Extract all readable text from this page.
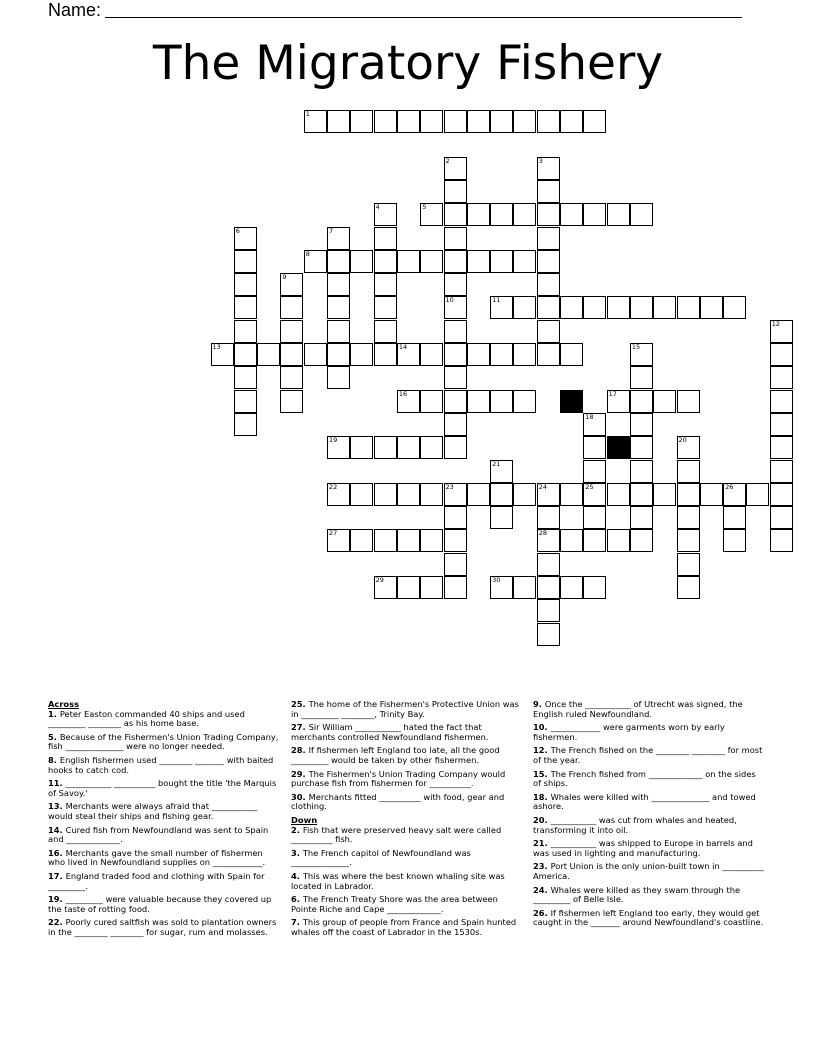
Name:
The Migratory Fishery
1
2
10
3
4	5
6	7
8
9
11
12
13	14	15
16	17
18
25
19	20
21
22	23	24
28
26
27
29	30
Across
1. Peter Easton commanded 40 ships and used _________ ________ as his home base.
5. Because of the Fishermen's Union Trading Company, fish ______________ were no longer needed.
8. English fishermen used ________ _______ with baited hooks to catch cod.
11. ___________ __________ bought the title 'the Marquis of Savoy.'
13. Merchants were always afraid that ___________ would steal their ships and fishing gear.
14. Cured fish from Newfoundland was sent to Spain and _____________.
16. Merchants gave the small number of fishermen who lived in Newfoundland supplies on ____________.
17. England traded food and clothing with Spain for _________.
19. _________ were valuable because they covered up the taste of rotting food.
22. Poorly cured saltfish was sold to plantation owners in the ________ ________ for sugar, rum and molasses.
25. The home of the Fishermen's Protective Union was in _________ ________, Trinity Bay.
27. Sir William ___________ hated the fact that merchants controlled Newfoundland fishermen.
28. If fishermen left England too late, all the good _________ would be taken by other fishermen.
29. The Fishermen's Union Trading Company would purchase fish from fishermen for __________.
30. Merchants fitted __________ with food, gear and clothing.
Down
2. Fish that were preserved heavy salt were called __________ fish.
3. The French capitol of Newfoundland was ______________.
4. This was where the best known whaling site was located in Labrador.
6. The French Treaty Shore was the area between Pointe Riche and Cape _____________.
7. This group of people from France and Spain hunted whales off the coast of Labrador in the 1530s.
9. Once the ___________ of Utrecht was signed, the English ruled Newfoundland.
10. ____________ were garments worn by early fishermen.
12. The French fished on the ________ ________ for most of the year.
15. The French fished from _____________ on the sides of ships.
18. Whales were killed with ______________ and towed ashore.
20. ___________ was cut from whales and heated, transforming it into oil.
21. ___________ was shipped to Europe in barrels and was used in lighting and manufacturing.
23. Port Union is the only union-built town in __________ America.
24. Whales were killed as they swam through the _________ of Belle Isle.
26. If fishermen left England too early, they would get caught in the _______ around Newfoundland's coastline.
